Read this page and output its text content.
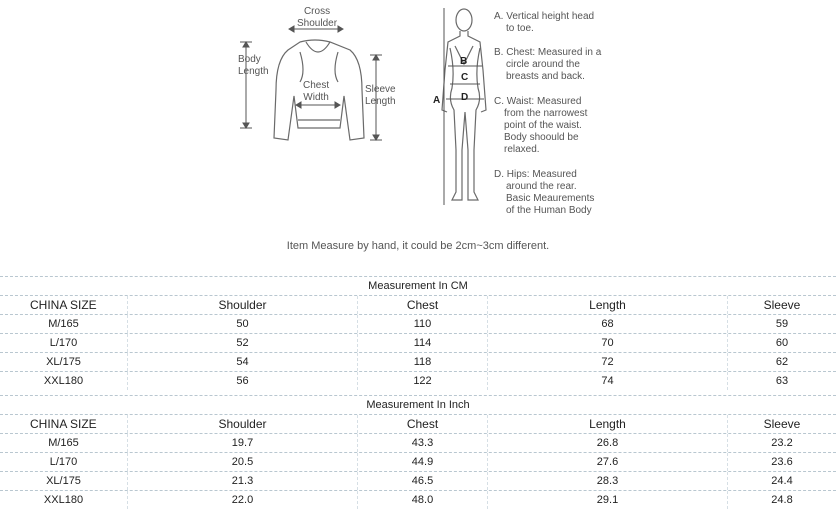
Cross
Shoulder
Body
Length
Chest
Width
Sleeve
Length	A
B
C
D
A. Vertical height head
to toe.
B. Chest: Measured in a
circle around the
breasts and back.
C. Waist: Measured
from the narrowest
point of the waist.
Body shoould be
relaxed.
D. Hips: Measured
around the rear.
Basic Meaurements
of the Human Body
Item Measure by hand, it could be 2cm~3cm different.
Measurement In CM
CHINA SIZE	Shoulder	Chest	Length	Sleeve
M/165	50	110	68	59
L/170	52	114	70	60
XL/175	54	118	72	62
XXL180	56	122	74	63
Measurement In Inch
CHINA SIZE	Shoulder	Chest	Length	Sleeve
M/165	19.7	43.3	26.8	23.2
L/170	20.5	44.9	27.6	23.6
XL/175	21.3	46.5	28.3	24.4
XXL180	22.0	48.0	29.1	24.8
